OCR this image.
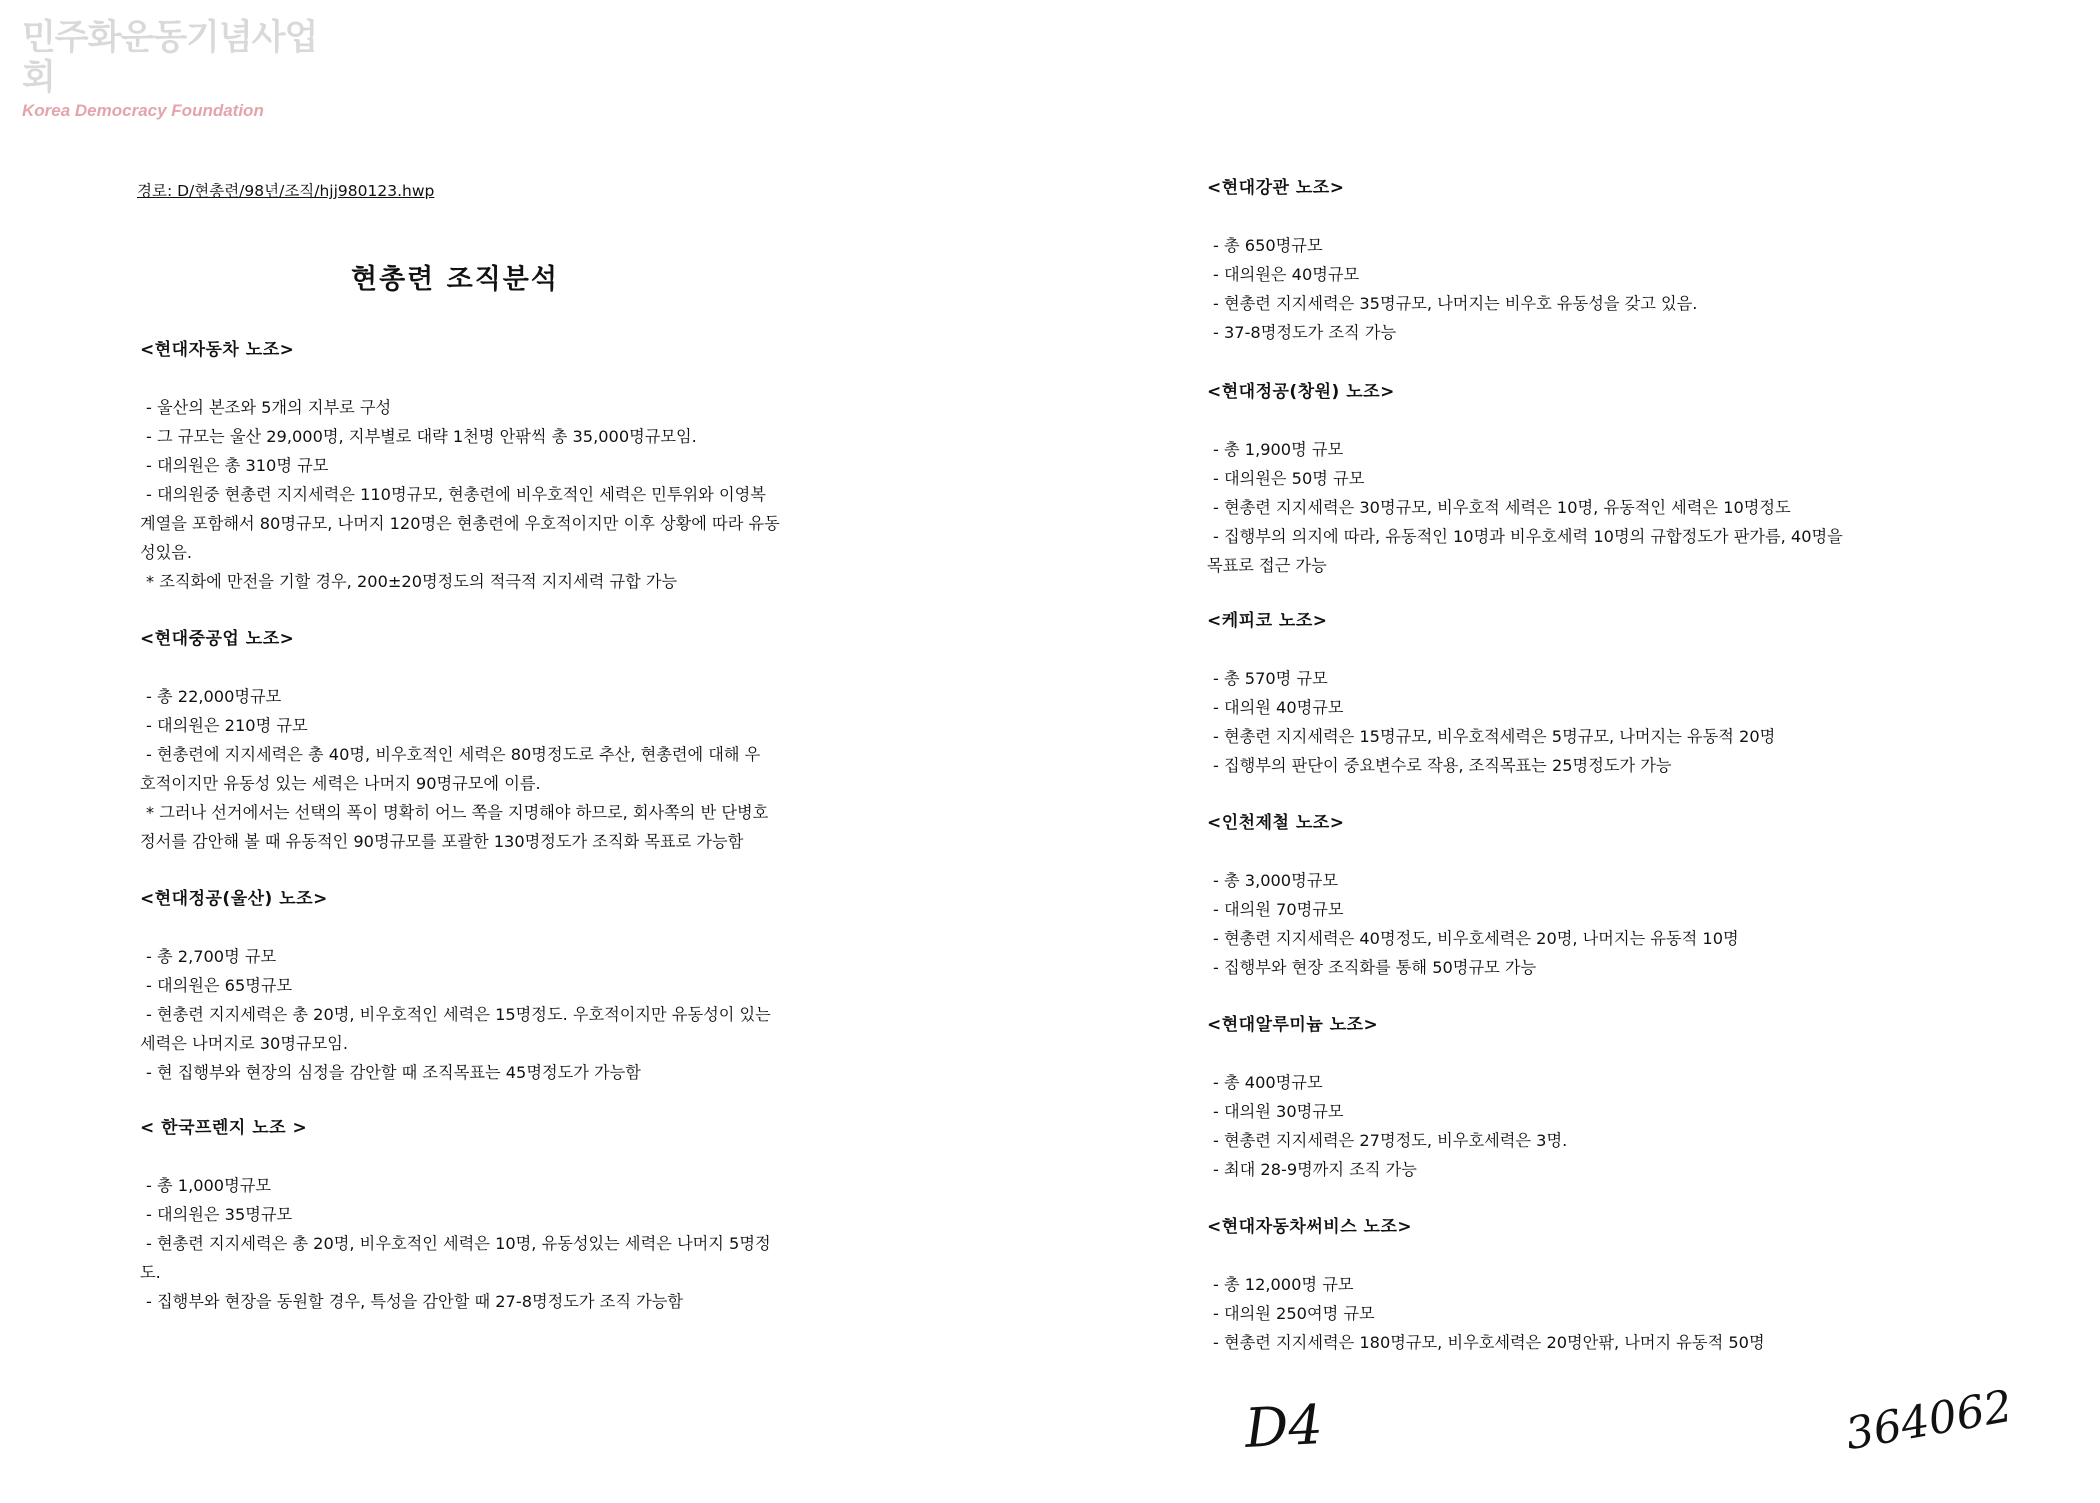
민주화운동기념사업회
Korea Democracy Foundation
경로: D/현총련/98년/조직/hjj980123.hwp
현총련 조직분석
<현대자동차 노조>
- 울산의 본조와 5개의 지부로 구성
- 그 규모는 울산 29,000명, 지부별로 대략 1천명 안팎씩 총 35,000명규모임.
- 대의원은 총 310명 규모
- 대의원중 현총련 지지세력은 110명규모, 현총련에 비우호적인 세력은 민투위와 이영복
계열을 포함해서 80명규모, 나머지 120명은 현총련에 우호적이지만 이후 상황에 따라 유동
성있음.
* 조직화에 만전을 기할 경우, 200±20명정도의 적극적 지지세력 규합 가능
<현대중공업 노조>
- 총 22,000명규모
- 대의원은 210명 규모
- 현총련에 지지세력은 총 40명, 비우호적인 세력은 80명정도로 추산, 현총련에 대해 우
호적이지만 유동성 있는 세력은 나머지 90명규모에 이름.
* 그러나 선거에서는 선택의 폭이 명확히 어느 쪽을 지명해야 하므로, 회사쪽의 반 단병호
정서를 감안해 볼 때 유동적인 90명규모를 포괄한 130명정도가 조직화 목표로 가능함
<현대정공(울산) 노조>
- 총 2,700명 규모
- 대의원은 65명규모
- 현총련 지지세력은 총 20명, 비우호적인 세력은 15명정도. 우호적이지만 유동성이 있는
세력은 나머지로 30명규모임.
- 현 집행부와 현장의 심정을 감안할 때 조직목표는 45명정도가 가능함
< 한국프렌지 노조 >
- 총 1,000명규모
- 대의원은 35명규모
- 현총련 지지세력은 총 20명, 비우호적인 세력은 10명, 유동성있는 세력은 나머지 5명정
도.
- 집행부와 현장을 동원할 경우, 특성을 감안할 때 27-8명정도가 조직 가능함
<현대강관 노조>
- 총 650명규모
- 대의원은 40명규모
- 현총련 지지세력은 35명규모, 나머지는 비우호 유동성을 갖고 있음.
- 37-8명정도가 조직 가능
<현대정공(창원) 노조>
- 총 1,900명 규모
- 대의원은 50명 규모
- 현총련 지지세력은 30명규모, 비우호적 세력은 10명, 유동적인 세력은 10명정도
- 집행부의 의지에 따라, 유동적인 10명과 비우호세력 10명의 규합정도가 판가름, 40명을
목표로 접근 가능
<케피코 노조>
- 총 570명 규모
- 대의원 40명규모
- 현총련 지지세력은 15명규모, 비우호적세력은 5명규모, 나머지는 유동적 20명
- 집행부의 판단이 중요변수로 작용, 조직목표는 25명정도가 가능
<인천제철 노조>
- 총 3,000명규모
- 대의원 70명규모
- 현총련 지지세력은 40명정도, 비우호세력은 20명, 나머지는 유동적 10명
- 집행부와 현장 조직화를 통해 50명규모 가능
<현대알루미늄 노조>
- 총 400명규모
- 대의원 30명규모
- 현총련 지지세력은 27명정도, 비우호세력은 3명.
- 최대 28-9명까지 조직 가능
<현대자동차써비스 노조>
- 총 12,000명 규모
- 대의원 250여명 규모
- 현총련 지지세력은 180명규모, 비우호세력은 20명안팎, 나머지 유동적 50명
D4	364062
